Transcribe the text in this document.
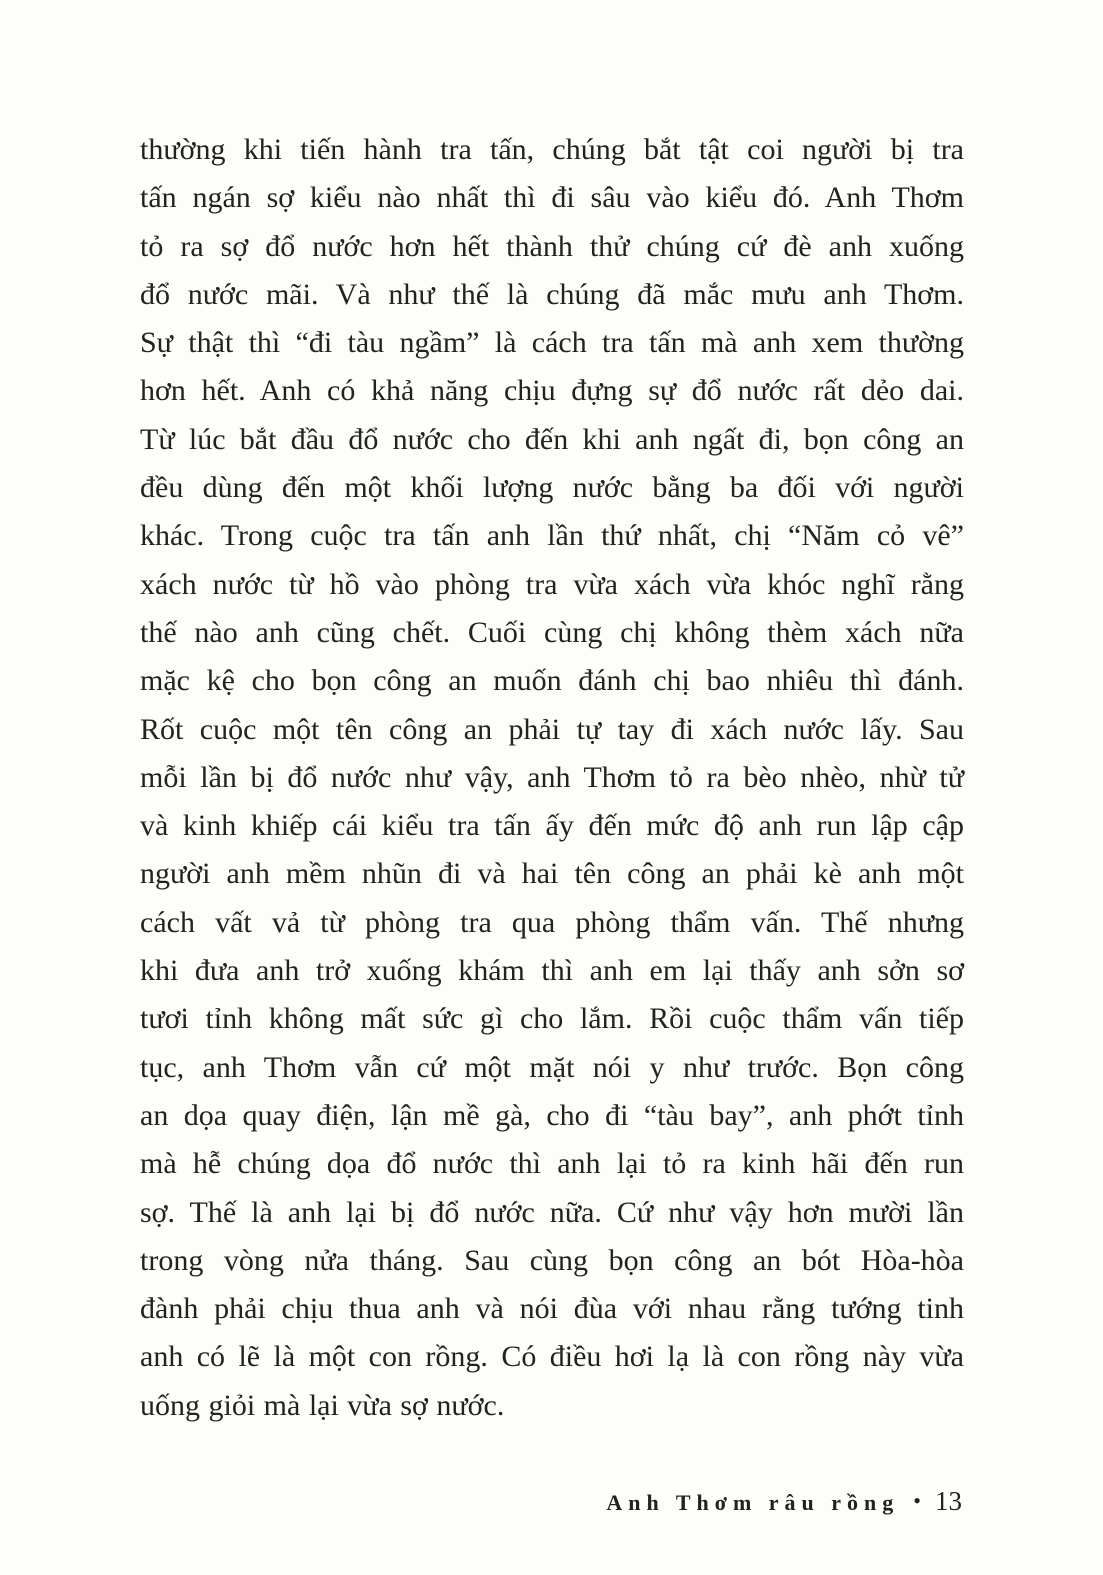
thường khi tiến hành tra tấn, chúng bắt tật coi người bị tra
tấn ngán sợ kiểu nào nhất thì đi sâu vào kiểu đó. Anh Thơm
tỏ ra sợ đổ nước hơn hết thành thử chúng cứ đè anh xuống
đổ nước mãi. Và như thế là chúng đã mắc mưu anh Thơm.
Sự thật thì “đi tàu ngầm” là cách tra tấn mà anh xem thường
hơn hết. Anh có khả năng chịu đựng sự đổ nước rất dẻo dai.
Từ lúc bắt đầu đổ nước cho đến khi anh ngất đi, bọn công an
đều dùng đến một khối lượng nước bằng ba đối với người
khác. Trong cuộc tra tấn anh lần thứ nhất, chị “Năm cỏ vê”
xách nước từ hồ vào phòng tra vừa xách vừa khóc nghĩ rằng
thế nào anh cũng chết. Cuối cùng chị không thèm xách nữa
mặc kệ cho bọn công an muốn đánh chị bao nhiêu thì đánh.
Rốt cuộc một tên công an phải tự tay đi xách nước lấy. Sau
mỗi lần bị đổ nước như vậy, anh Thơm tỏ ra bèo nhèo, nhừ tử
và kinh khiếp cái kiểu tra tấn ấy đến mức độ anh run lập cập
người anh mềm nhũn đi và hai tên công an phải kè anh một
cách vất vả từ phòng tra qua phòng thẩm vấn. Thế nhưng
khi đưa anh trở xuống khám thì anh em lại thấy anh sởn sơ
tươi tỉnh không mất sức gì cho lắm. Rồi cuộc thẩm vấn tiếp
tục, anh Thơm vẫn cứ một mặt nói y như trước. Bọn công
an dọa quay điện, lận mề gà, cho đi “tàu bay”, anh phớt tỉnh
mà hễ chúng dọa đổ nước thì anh lại tỏ ra kinh hãi đến run
sợ. Thế là anh lại bị đổ nước nữa. Cứ như vậy hơn mười lần
trong vòng nửa tháng. Sau cùng bọn công an bót Hòa-hòa
đành phải chịu thua anh và nói đùa với nhau rằng tướng tinh
anh có lẽ là một con rồng. Có điều hơi lạ là con rồng này vừa
uống giỏi mà lại vừa sợ nước.
Anh Thơm râu rồng • 13
